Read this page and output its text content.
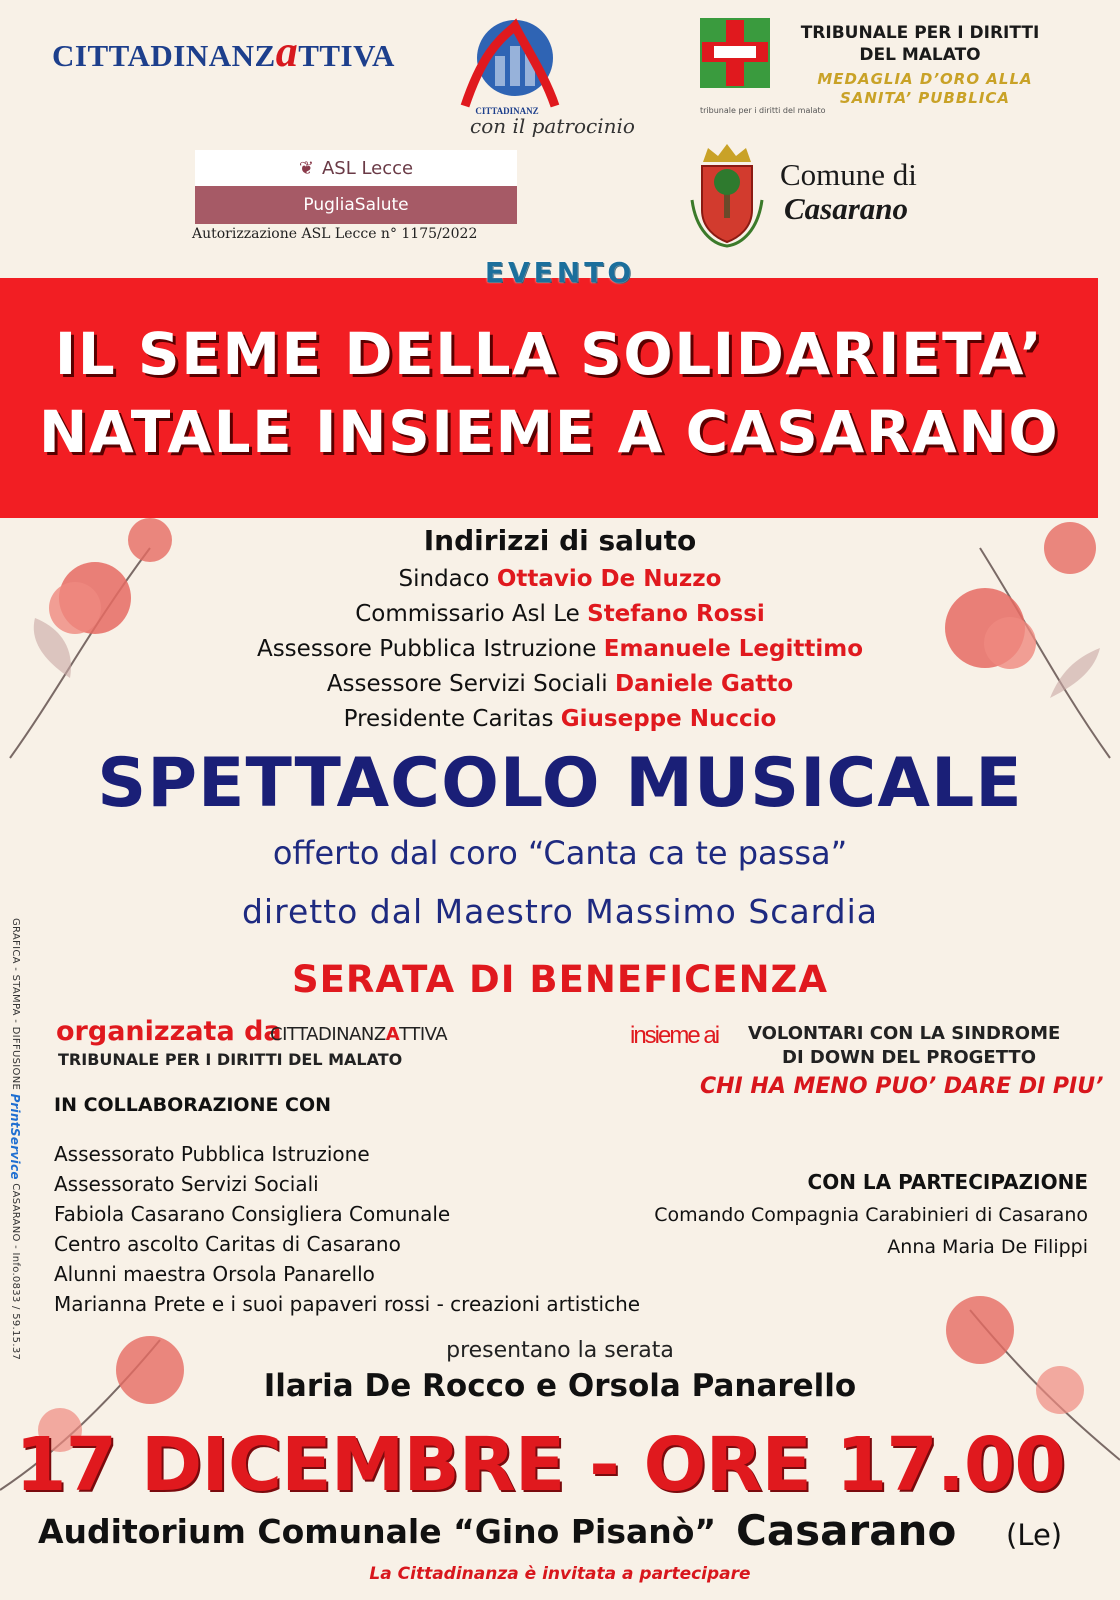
CITTADINANZaTTIVA
CITTADINANZ
con il patrocinio
tribunale per i diritti del malato
TRIBUNALE PER I DIRITTI DEL MALATO
MEDAGLIA D’ORO ALLA SANITA’ PUBBLICA
❦ ASL Lecce
PugliaSalute
Autorizzazione ASL Lecce n° 1175/2022
Comune di
Casarano
IL SEME DELLA SOLIDARIETA’
NATALE INSIEME A CASARANO
EVENTO
Indirizzi di saluto
Sindaco Ottavio De Nuzzo
Commissario Asl Le Stefano Rossi
Assessore Pubblica Istruzione Emanuele Legittimo
Assessore Servizi Sociali Daniele Gatto
Presidente Caritas Giuseppe Nuccio
SPETTACOLO MUSICALE
offerto dal coro “Canta ca te passa”
diretto dal Maestro Massimo Scardia
SERATA DI BENEFICENZA
organizzata da
CITTADINANZATTIVA
TRIBUNALE PER I DIRITTI DEL MALATO
insieme ai VOLONTARI CON LA SINDROME
DI DOWN DEL PROGETTO
CHI HA MENO PUO’ DARE DI PIU’
IN COLLABORAZIONE CON
Assessorato Pubblica Istruzione
Assessorato Servizi Sociali
Fabiola Casarano Consigliera Comunale
Centro ascolto Caritas di Casarano
Alunni maestra Orsola Panarello
Marianna Prete e i suoi papaveri rossi - creazioni artistiche
CON LA PARTECIPAZIONE
Comando Compagnia Carabinieri di Casarano
Anna Maria De Filippi
presentano la serata
Ilaria De Rocco e Orsola Panarello
17 DICEMBRE - ORE 17.00
Auditorium Comunale “Gino Pisanò” Casarano (Le)
La Cittadinanza è invitata a partecipare
GRAFICA - STAMPA - DIFFUSIONE PrintService CASARANO - Info.0833 / 59.15.37
